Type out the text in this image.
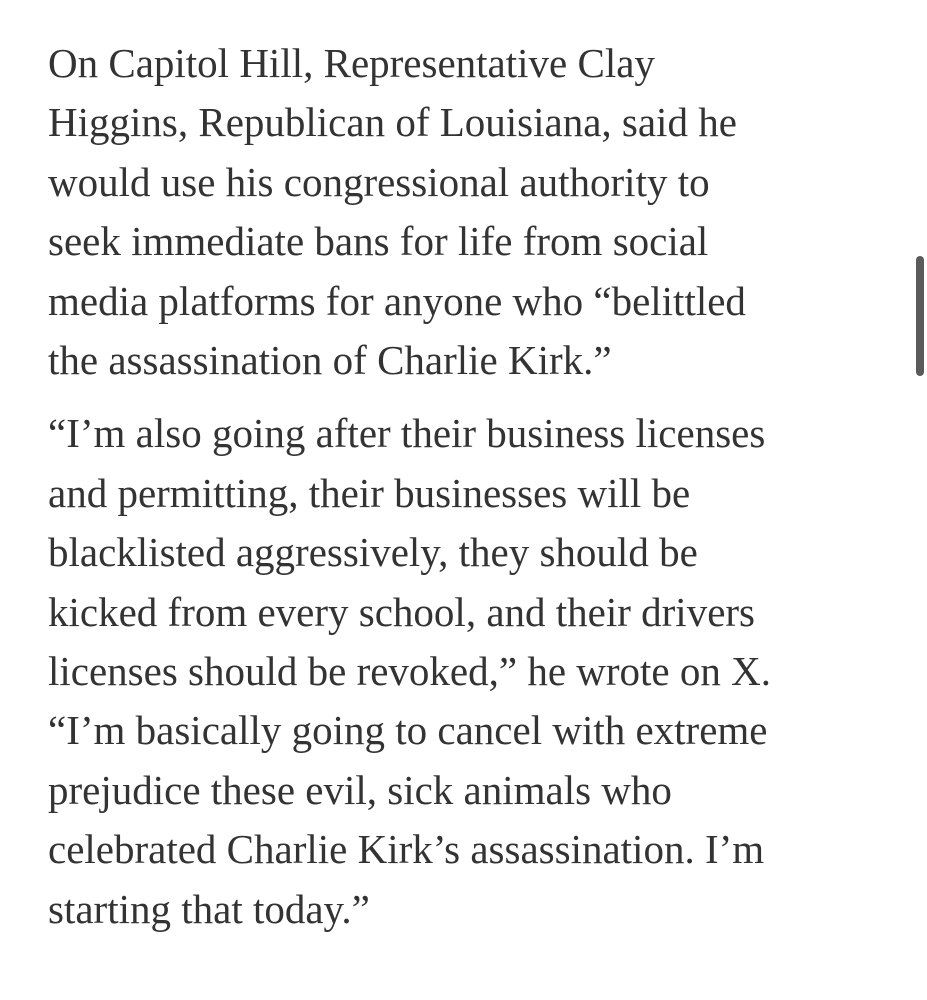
On Capitol Hill, Representative Clay
Higgins, Republican of Louisiana, said he
would use his congressional authority to
seek immediate bans for life from social
media platforms for anyone who “belittled
the assassination of Charlie Kirk.”

“I’m also going after their business licenses
and permitting, their businesses will be
blacklisted aggressively, they should be
kicked from every school, and their drivers
licenses should be revoked,” he wrote on X.
“I’m basically going to cancel with extreme
prejudice these evil, sick animals who
celebrated Charlie Kirk’s assassination. I’m
starting that today.”
